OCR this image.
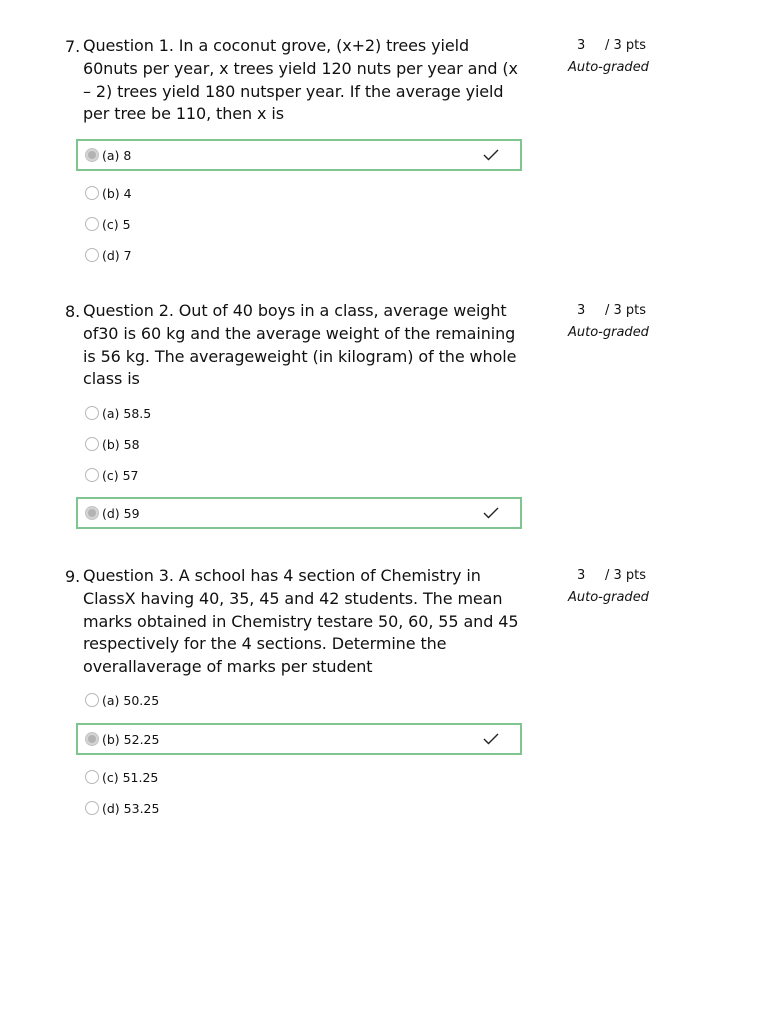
7. Question 1. In a coconut grove, (x+2) trees yield 60nuts per year, x trees yield 120 nuts per year and (x – 2) trees yield 180 nutsper year. If the average yield per tree be 110, then x is
3 / 3 pts
Auto-graded
(a) 8
(b) 4
(c) 5
(d) 7
8. Question 2. Out of 40 boys in a class, average weight of30 is 60 kg and the average weight of the remaining is 56 kg. The averageweight (in kilogram) of the whole class is
3 / 3 pts
Auto-graded
(a) 58.5
(b) 58
(c) 57
(d) 59
9. Question 3. A school has 4 section of Chemistry in ClassX having 40, 35, 45 and 42 students. The mean marks obtained in Chemistry testare 50, 60, 55 and 45 respectively for the 4 sections. Determine the overallaverage of marks per student
3 / 3 pts
Auto-graded
(a) 50.25
(b) 52.25
(c) 51.25
(d) 53.25
